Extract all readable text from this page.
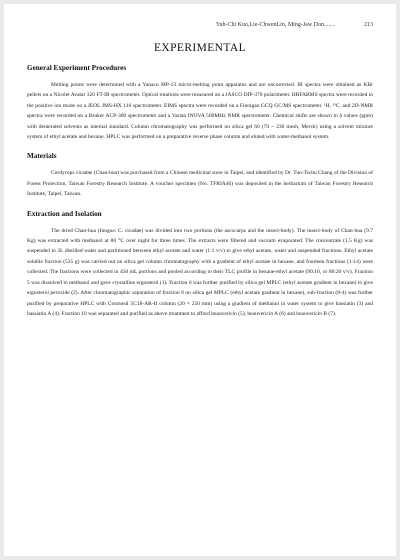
Yuh-Chi Kuo,Lie-ChwenLin, Ming-Jaw Don.......	213
EXPERIMENTAL
General Experiment Procedures

Melting points were determined with a Yanaco MP-13 micro-melting point apparatus and are uncorrected. IR spectra were obtained as KBr pellets on a Nicolet Avatar 320 FT-IR spectrometer. Optical rotations were measured on a JASCO DIP-370 polarimeter. HRFABMS spectra were recorded in the positive ion mode on a JEOL JMS-HX 110 spectrometer. EIMS spectra were recorded on a Finnigan GCQ GC/MS spectrometer. ¹H, ¹³C, and 2D-NMR spectra were recorded on a Bruker ACP-300 spectrometer and a Varian INOVA 500MHz NMR spectrometer. Chemical shifts are shown in δ values (ppm) with deuterated solvents as internal standard. Column chromatography was performed on silica gel 60 (70 ~ 230 mesh, Merck) using a solvent mixture system of ethyl acetate and hexane. HPLC was performed on a preparative reverse phase column and eluted with water-methanol system.

Materials

Cordyceps cicadae (Chan-hua) was purchased from a Chinese medicinal store in Taipei, and identified by Dr. Tun-Tschu Chang of the Division of Forest Protection, Taiwan Forestry Research Institute. A voucher specimen (No. TFRIA46) was deposited in the herbarium of Taiwan Forestry Research Institute, Taipei, Taiwan.

Extraction and Isolation

The dried Chan-hua (fungus: C. cicadae) was divided into two portions (the ascocarps and the insect-body). The insect-body of Chan-hua (9.7 Kg) was extracted with methanol at 80 °C over night for three times. The extracts were filtered and vacuum evaporated. The concentrate (1.5 Kg) was suspended in 3L distilled water and partitioned between ethyl acetate and water (1:1 v/v) to give ethyl acetate, water and suspended fractions. Ethyl acetate soluble fraction (535 g) was carried out on silica gel column chromatography with a gradient of ethyl acetate in hexane, and fourteen fractions (1-14) were collected. The fractions were collected in 450 mL portions and pooled according to their TLC profile in hexane-ethyl acetate (90:10, or 80:20 v/v). Fraction 5 was dissolved in methanol and gave crystalline ergosterol (1). Fraction 6 was further purified by silica gel MPLC (ethyl acetate gradient in hexane) to give ergosterol peroxide (2). After chromatographic separation of fraction 8 on silica gel MPLC (ethyl acetate gradient in hexane), sub-fraction (8-4) was further purified by preparative HPLC with Cosmosil 5C18-AR-II column (20 × 250 mm) using a gradient of methanol in water system to give bassiatin (3) and bassiatin A (4). Fraction 10 was separated and purified as above treatment to afford beauvericin (5), beauvericin A (6) and beauvericin B (7).
